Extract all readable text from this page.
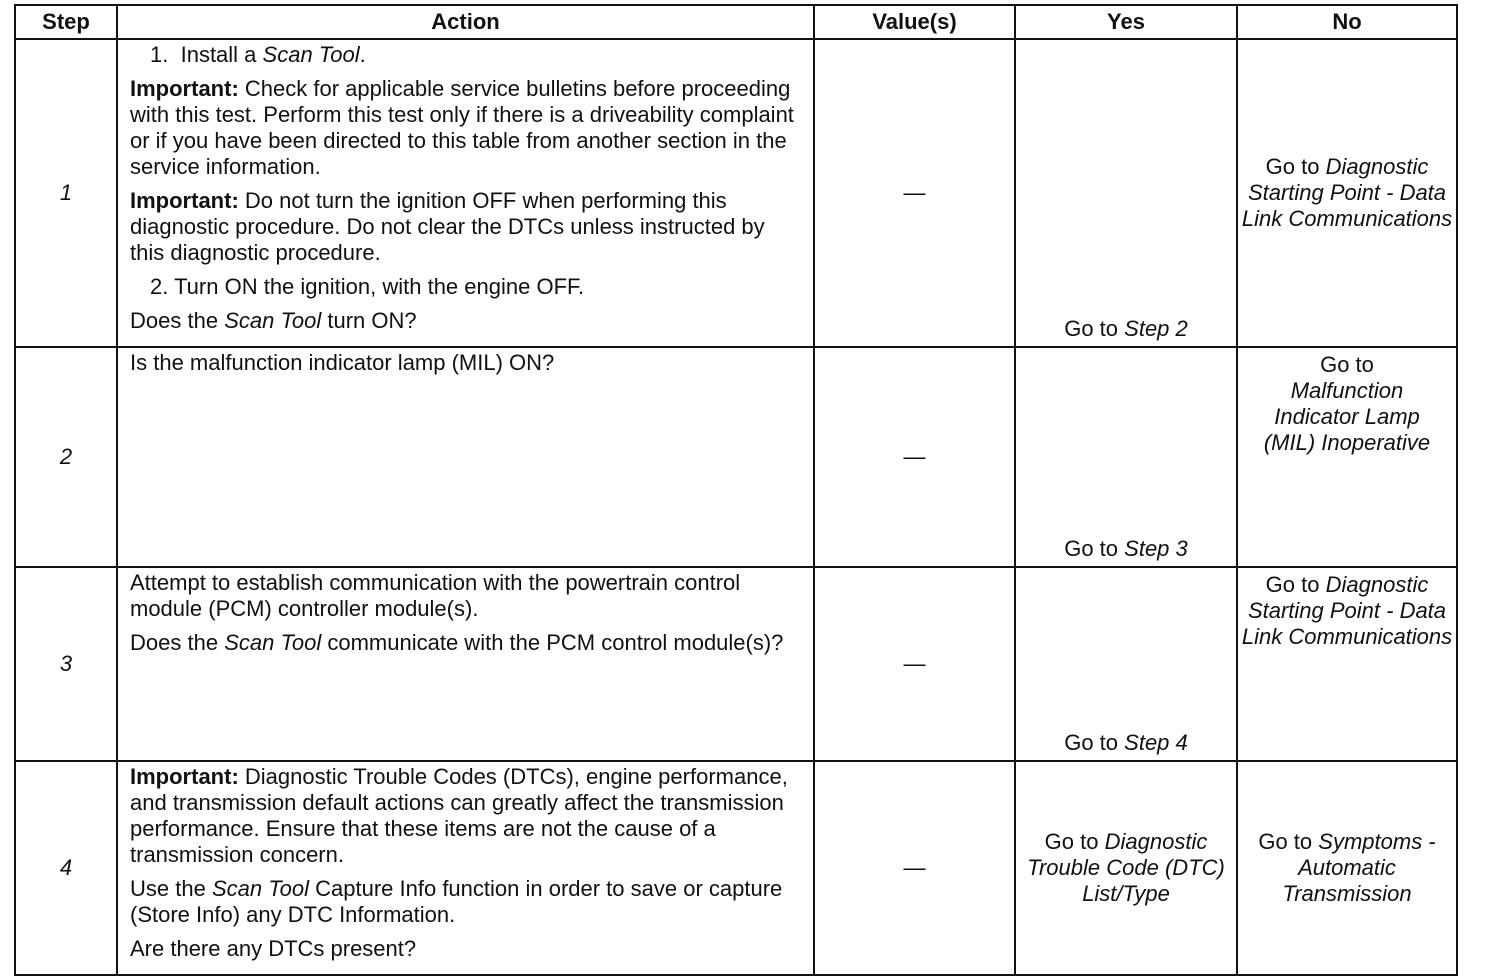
Step	Action	Value(s)	Yes	No
1	1. Install a Scan Tool.

Important: Check for applicable service bulletins before proceeding with this test. Perform this test only if there is a driveability complaint or if you have been directed to this table from another section in the service information.

Important: Do not turn the ignition OFF when performing this diagnostic procedure. Do not clear the DTCs unless instructed by this diagnostic procedure.

2. Turn ON the ignition, with the engine OFF.

Does the Scan Tool turn ON?	—	Go to Step 2	Go to Diagnostic Starting Point - Data Link Communications

2	Is the malfunction indicator lamp (MIL) ON?	—	Go to Step 3	Go to
Malfunction Indicator Lamp (MIL) Inoperative

3	Attempt to establish communication with the powertrain control module (PCM) controller module(s).

Does the Scan Tool communicate with the PCM control module(s)?	—	Go to Step 4	Go to Diagnostic Starting Point - Data Link Communications

4	Important: Diagnostic Trouble Codes (DTCs), engine performance, and transmission default actions can greatly affect the transmission performance. Ensure that these items are not the cause of a transmission concern.

Use the Scan Tool Capture Info function in order to save or capture (Store Info) any DTC Information.

Are there any DTCs present?	—	Go to Diagnostic Trouble Code (DTC) List/Type	Go to Symptoms - Automatic Transmission
